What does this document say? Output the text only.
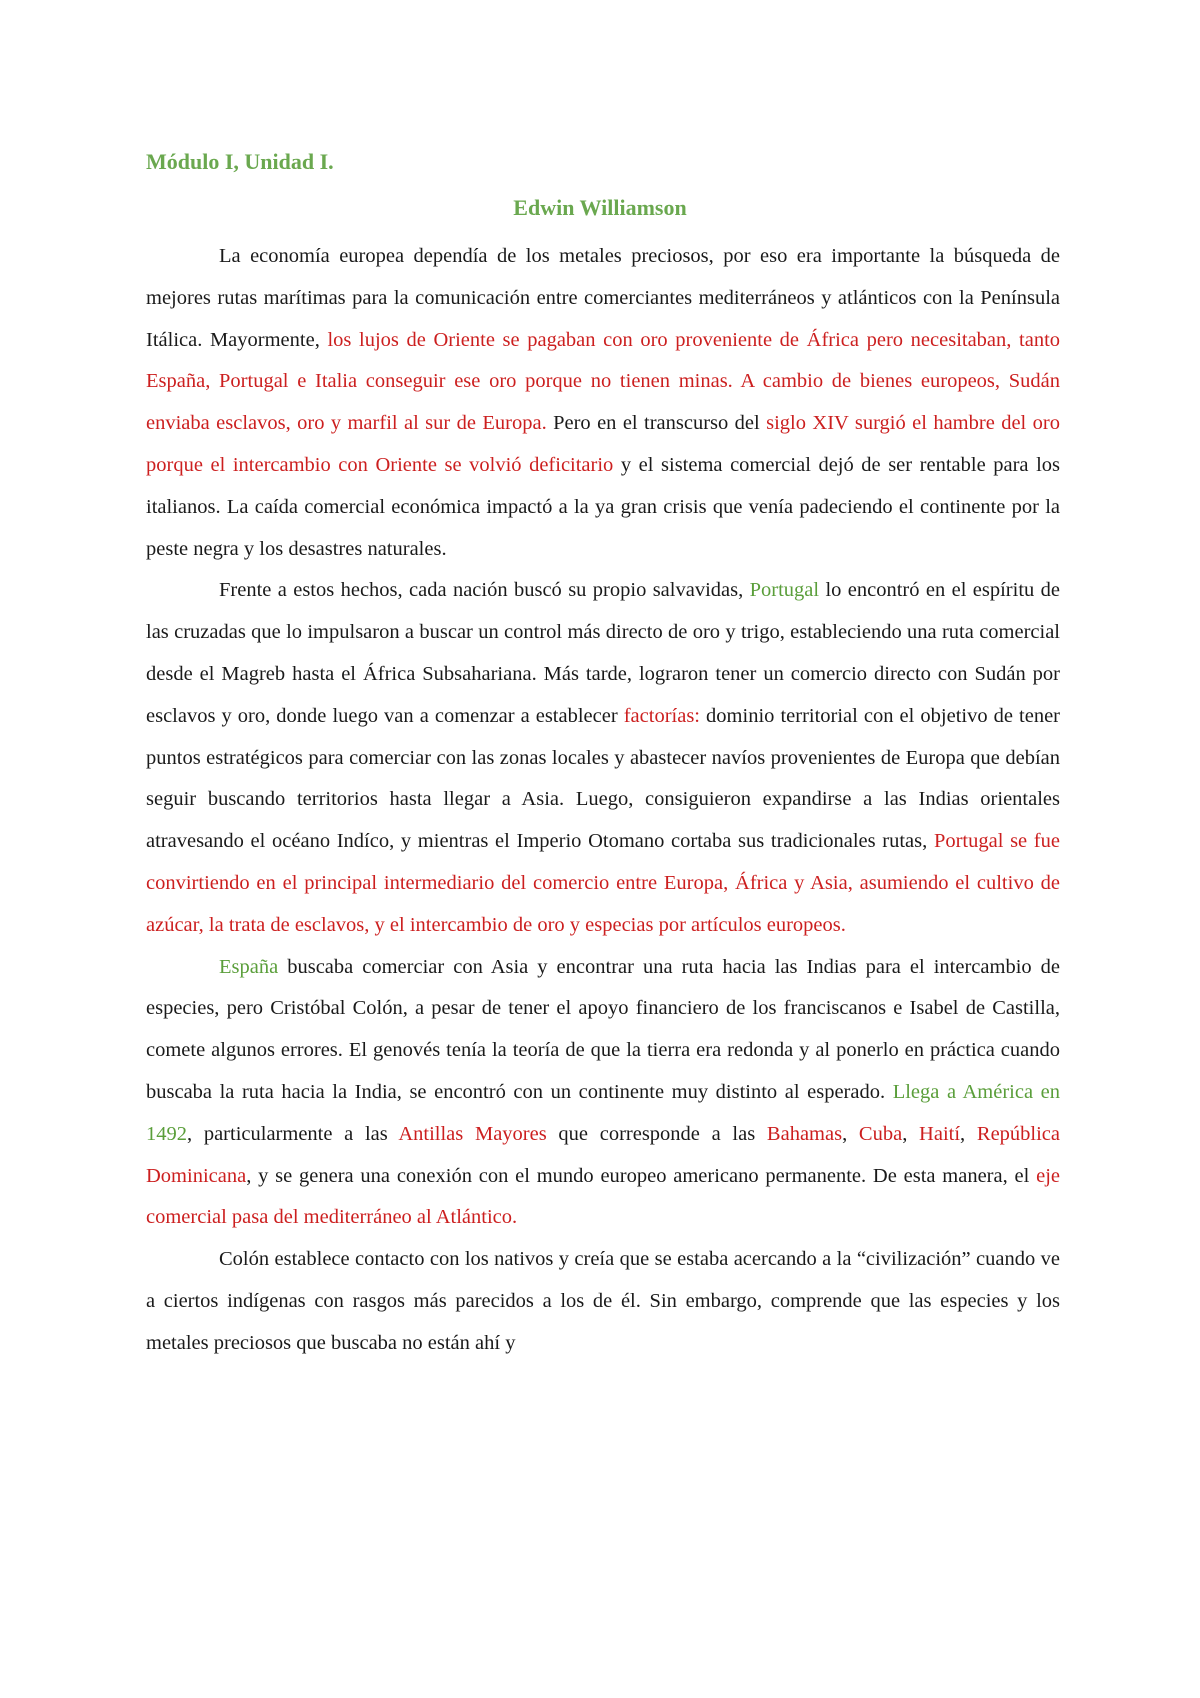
Módulo I, Unidad I.
Edwin Williamson

La economía europea dependía de los metales preciosos, por eso era importante la búsqueda de mejores rutas marítimas para la comunicación entre comerciantes mediterráneos y atlánticos con la Península Itálica. Mayormente, los lujos de Oriente se pagaban con oro proveniente de África pero necesitaban, tanto España, Portugal e Italia conseguir ese oro porque no tienen minas. A cambio de bienes europeos, Sudán enviaba esclavos, oro y marfil al sur de Europa. Pero en el transcurso del siglo XIV surgió el hambre del oro porque el intercambio con Oriente se volvió deficitario y el sistema comercial dejó de ser rentable para los italianos. La caída comercial económica impactó a la ya gran crisis que venía padeciendo el continente por la peste negra y los desastres naturales.

Frente a estos hechos, cada nación buscó su propio salvavidas, Portugal lo encontró en el espíritu de las cruzadas que lo impulsaron a buscar un control más directo de oro y trigo, estableciendo una ruta comercial desde el Magreb hasta el África Subsahariana. Más tarde, lograron tener un comercio directo con Sudán por esclavos y oro, donde luego van a comenzar a establecer factorías: dominio territorial con el objetivo de tener puntos estratégicos para comerciar con las zonas locales y abastecer navíos provenientes de Europa que debían seguir buscando territorios hasta llegar a Asia. Luego, consiguieron expandirse a las Indias orientales atravesando el océano Indíco, y mientras el Imperio Otomano cortaba sus tradicionales rutas, Portugal se fue convirtiendo en el principal intermediario del comercio entre Europa, África y Asia, asumiendo el cultivo de azúcar, la trata de esclavos, y el intercambio de oro y especias por artículos europeos.

España buscaba comerciar con Asia y encontrar una ruta hacia las Indias para el intercambio de especies, pero Cristóbal Colón, a pesar de tener el apoyo financiero de los franciscanos e Isabel de Castilla, comete algunos errores. El genovés tenía la teoría de que la tierra era redonda y al ponerlo en práctica cuando buscaba la ruta hacia la India, se encontró con un continente muy distinto al esperado. Llega a América en 1492, particularmente a las Antillas Mayores que corresponde a las Bahamas, Cuba, Haití, República Dominicana, y se genera una conexión con el mundo europeo americano permanente. De esta manera, el eje comercial pasa del mediterráneo al Atlántico.

Colón establece contacto con los nativos y creía que se estaba acercando a la “civilización” cuando ve a ciertos indígenas con rasgos más parecidos a los de él. Sin embargo, comprende que las especies y los metales preciosos que buscaba no están ahí y
